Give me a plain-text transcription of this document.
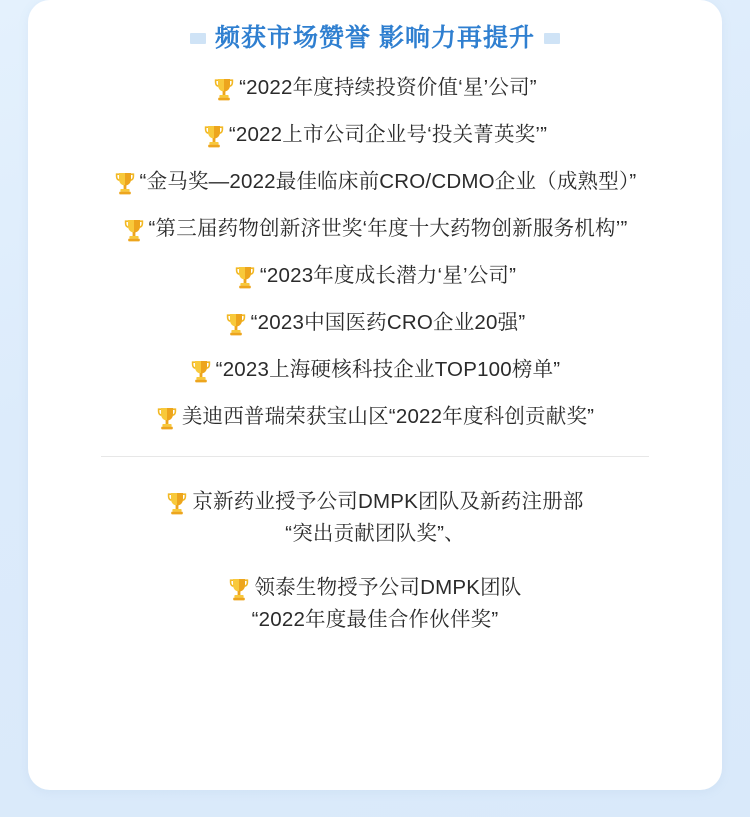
频获市场赞誉 影响力再提升
“2022年度持续投资价值‘星’公司”
“2022上市公司企业号‘投关菁英奖’”
“金马奖—2022最佳临床前CRO/CDMO企业（成熟型）”
“第三届药物创新济世奖‘年度十大药物创新服务机构’”
“2023年度成长潜力‘星’公司”
“2023中国医药CRO企业20强”
“2023上海硬核科技企业TOP100榜单”
美迪西普瑞荣获宝山区“2022年度科创贡献奖”
京新药业授予公司DMPK团队及新药注册部
“突出贡献团队奖”、
领泰生物授予公司DMPK团队
“2022年度最佳合作伙伴奖”
